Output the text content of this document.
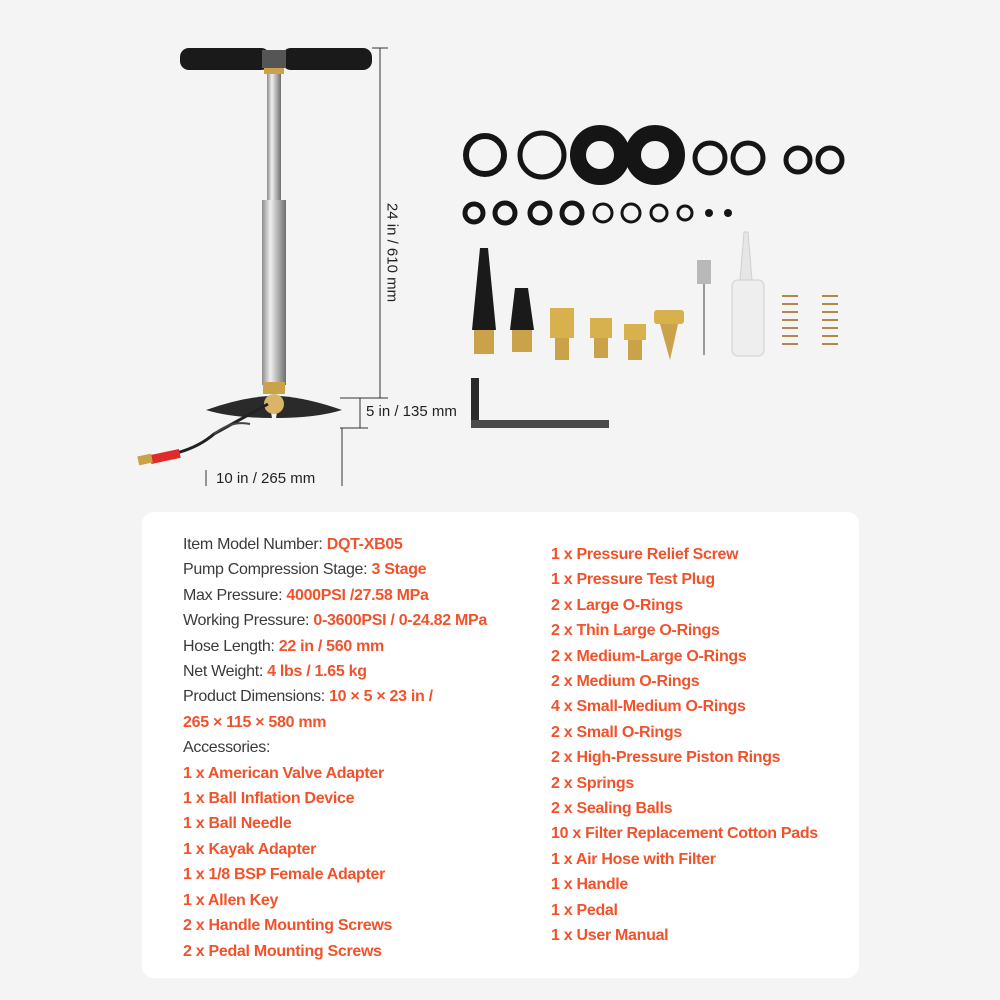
24 in / 610 mm
5 in / 135 mm
10 in / 265 mm
Item Model Number: DQT-XB05
Pump Compression Stage: 3 Stage
Max Pressure: 4000PSI /27.58 MPa
Working Pressure: 0-3600PSI / 0-24.82 MPa
Hose Length: 22 in / 560 mm
Net Weight: 4 lbs / 1.65 kg
Product Dimensions: 10 × 5 × 23 in /
265 × 115 × 580 mm
Accessories:
1 x American Valve Adapter
1 x Ball Inflation Device
1 x Ball Needle
1 x Kayak Adapter
1 x 1/8 BSP Female Adapter
1 x Allen Key
2 x Handle Mounting Screws
2 x Pedal Mounting Screws
1 x Pressure Relief Screw
1 x Pressure Test Plug
2 x Large O-Rings
2 x Thin Large O-Rings
2 x Medium-Large O-Rings
2 x Medium O-Rings
4 x Small-Medium O-Rings
2 x Small O-Rings
2 x High-Pressure Piston Rings
2 x Springs
2 x Sealing Balls
10 x Filter Replacement Cotton Pads
1 x Air Hose with Filter
1 x Handle
1 x Pedal
1 x User Manual
